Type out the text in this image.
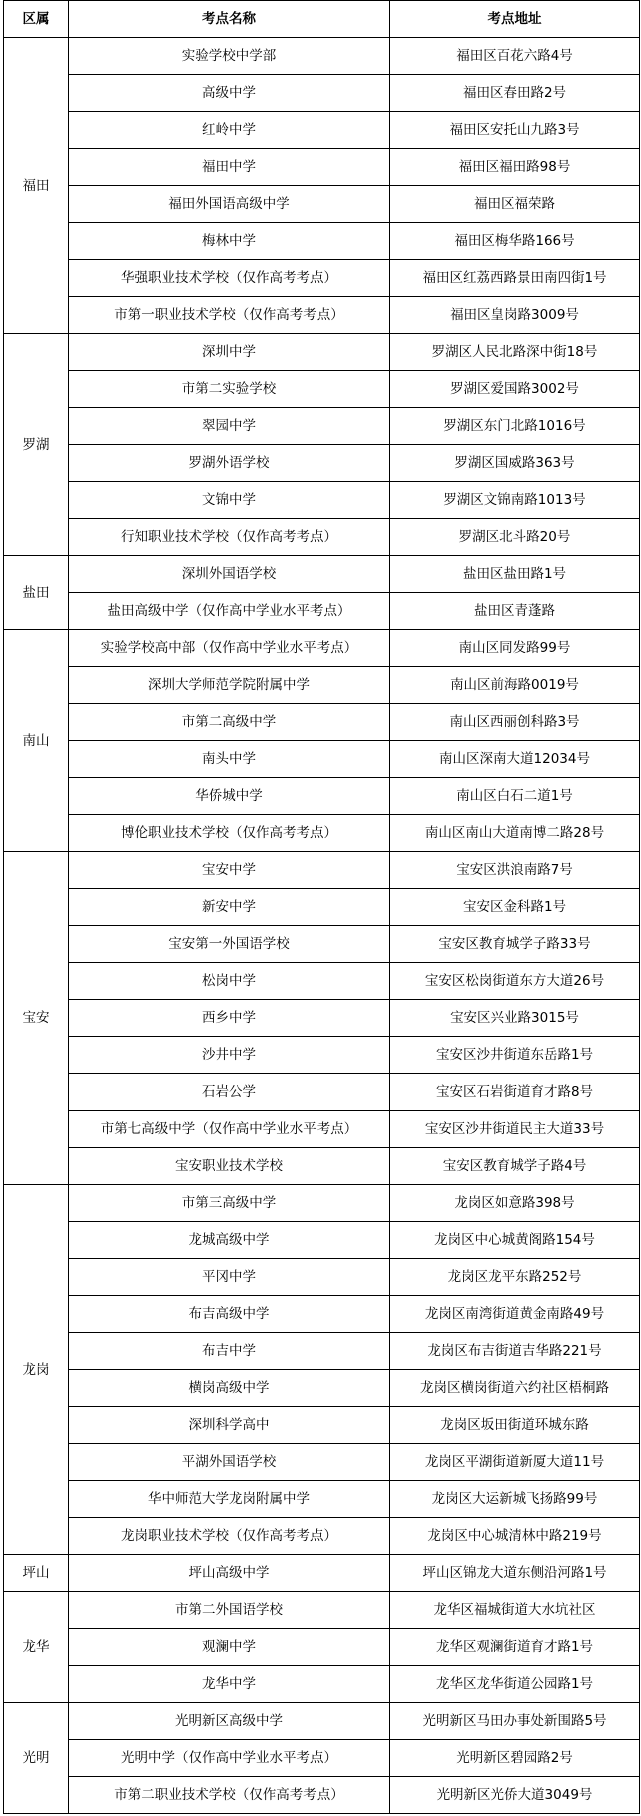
区属	考点名称	考点地址
福田	实验学校中学部	福田区百花六路4号
	高级中学	福田区春田路2号
	红岭中学	福田区安托山九路3号
	福田中学	福田区福田路98号
	福田外国语高级中学	福田区福荣路
	梅林中学	福田区梅华路166号
	华强职业技术学校（仅作高考考点）	福田区红荔西路景田南四街1号
	市第一职业技术学校（仅作高考考点）	福田区皇岗路3009号
罗湖	深圳中学	罗湖区人民北路深中街18号
	市第二实验学校	罗湖区爱国路3002号
	翠园中学	罗湖区东门北路1016号
	罗湖外语学校	罗湖区国威路363号
	文锦中学	罗湖区文锦南路1013号
	行知职业技术学校（仅作高考考点）	罗湖区北斗路20号
盐田	深圳外国语学校	盐田区盐田路1号
	盐田高级中学（仅作高中学业水平考点）	盐田区青蓬路
南山	实验学校高中部（仅作高中学业水平考点）	南山区同发路99号
	深圳大学师范学院附属中学	南山区前海路0019号
	市第二高级中学	南山区西丽创科路3号
	南头中学	南山区深南大道12034号
	华侨城中学	南山区白石二道1号
	博伦职业技术学校（仅作高考考点）	南山区南山大道南博二路28号
宝安	宝安中学	宝安区洪浪南路7号
	新安中学	宝安区金科路1号
	宝安第一外国语学校	宝安区教育城学子路33号
	松岗中学	宝安区松岗街道东方大道26号
	西乡中学	宝安区兴业路3015号
	沙井中学	宝安区沙井街道东岳路1号
	石岩公学	宝安区石岩街道育才路8号
	市第七高级中学（仅作高中学业水平考点）	宝安区沙井街道民主大道33号
	宝安职业技术学校	宝安区教育城学子路4号
龙岗	市第三高级中学	龙岗区如意路398号
	龙城高级中学	龙岗区中心城黄阁路154号
	平冈中学	龙岗区龙平东路252号
	布吉高级中学	龙岗区南湾街道黄金南路49号
	布吉中学	龙岗区布吉街道吉华路221号
	横岗高级中学	龙岗区横岗街道六约社区梧桐路
	深圳科学高中	龙岗区坂田街道环城东路
	平湖外国语学校	龙岗区平湖街道新厦大道11号
	华中师范大学龙岗附属中学	龙岗区大运新城飞扬路99号
	龙岗职业技术学校（仅作高考考点）	龙岗区中心城清林中路219号
坪山	坪山高级中学	坪山区锦龙大道东侧沿河路1号
龙华	市第二外国语学校	龙华区福城街道大水坑社区
	观澜中学	龙华区观澜街道育才路1号
	龙华中学	龙华区龙华街道公园路1号
光明	光明新区高级中学	光明新区马田办事处新围路5号
	光明中学（仅作高中学业水平考点）	光明新区碧园路2号
	市第二职业技术学校（仅作高考考点）	光明新区光侨大道3049号
